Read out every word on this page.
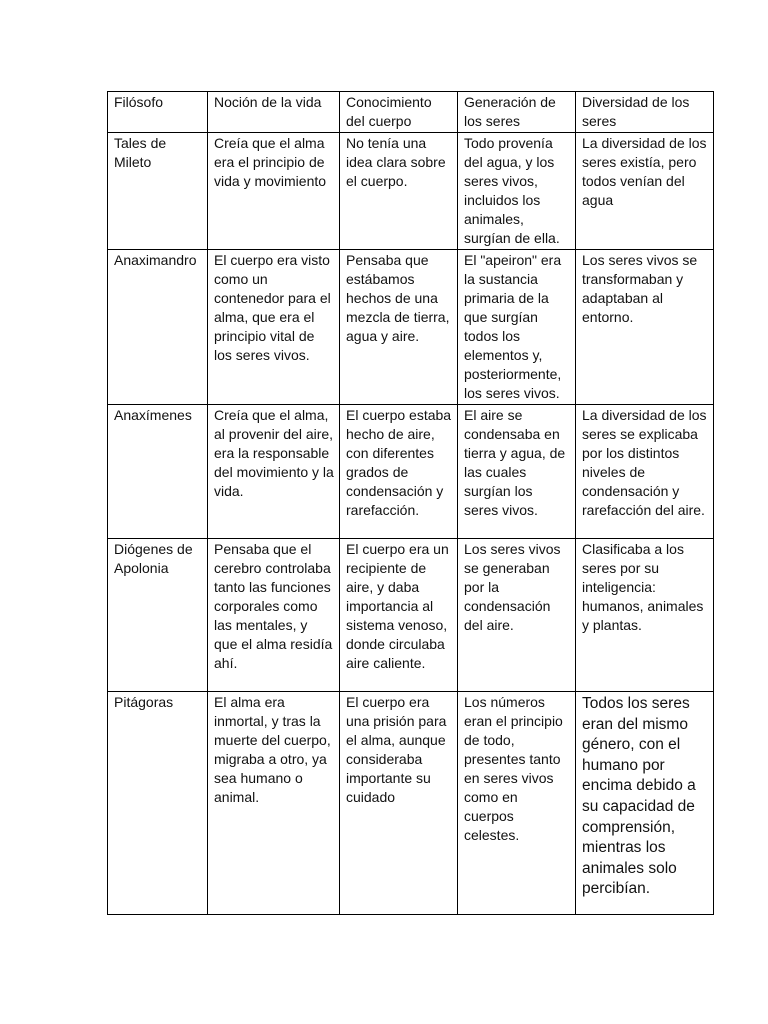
Filósofo	Noción de la vida	Conocimiento del cuerpo	Generación de los seres	Diversidad de los seres
Tales de Mileto	Creía que el alma era el principio de vida y movimiento	No tenía una idea clara sobre el cuerpo.	Todo provenía del agua, y los seres vivos, incluidos los animales, surgían de ella.	La diversidad de los seres existía, pero todos venían del agua
Anaximandro	El cuerpo era visto como un contenedor para el alma, que era el principio vital de los seres vivos.	Pensaba que estábamos hechos de una mezcla de tierra, agua y aire.	El "apeiron" era la sustancia primaria de la que surgían todos los elementos y, posteriormente, los seres vivos.	Los seres vivos se transformaban y adaptaban al entorno.
Anaxímenes	Creía que el alma, al provenir del aire, era la responsable del movimiento y la vida.	El cuerpo estaba hecho de aire, con diferentes grados de condensación y rarefacción.	El aire se condensaba en tierra y agua, de las cuales surgían los seres vivos.	La diversidad de los seres se explicaba por los distintos niveles de condensación y rarefacción del aire.
Diógenes de Apolonia	Pensaba que el cerebro controlaba tanto las funciones corporales como las mentales, y que el alma residía ahí.	El cuerpo era un recipiente de aire, y daba importancia al sistema venoso, donde circulaba aire caliente.	Los seres vivos se generaban por la condensación del aire.	Clasificaba a los seres por su inteligencia: humanos, animales y plantas.
Pitágoras	El alma era inmortal, y tras la muerte del cuerpo, migraba a otro, ya sea humano o animal.	El cuerpo era una prisión para el alma, aunque consideraba importante su cuidado	Los números eran el principio de todo, presentes tanto en seres vivos como en cuerpos celestes.	Todos los seres eran del mismo género, con el humano por encima debido a su capacidad de comprensión, mientras los animales solo percibían.
